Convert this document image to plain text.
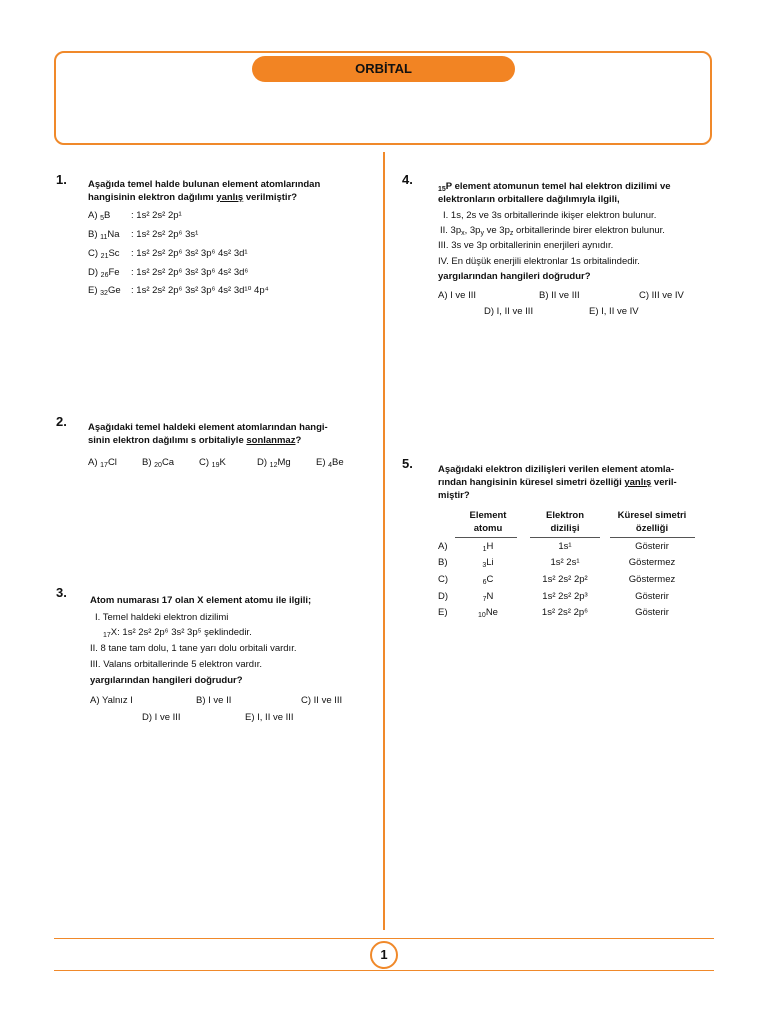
ORBİTAL
1
1. Aşağıda temel halde bulunan element atomlarından
hangisinin elektron dağılımı yanlış verilmiştir?
A) $_5$B : 1s² 2s² 2p¹
B) $_{11}$Na : 1s² 2s² 2p⁶ 3s¹
C) $_{21}$Sc : 1s² 2s² 2p⁶ 3s² 3p⁶ 4s² 3d¹
D) $_{26}$Fe : 1s² 2s² 2p⁶ 3s² 3p⁶ 4s² 3d⁶
E) $_{32}$Ge : 1s² 2s² 2p⁶ 3s² 3p⁶ 4s² 3d¹⁰ 4p⁴
2. Aşağıdaki temel haldeki element atomlarından hangi-
sinin elektron dağılımı s orbitaliyle sonlanmaz?
A) $_{17}$Cl	B) $_{20}$Ca	C) $_{19}$K	D) $_{12}$Mg	E) $_4$Be
3.
Atom numarası 17 olan X element atomu ile ilgili;
I. Temel haldeki elektron dizilimi
$_{17}$X: 1s² 2s² 2p⁶ 3s² 3p⁵ şeklindedir.
II. 8 tane tam dolu, 1 tane yarı dolu orbitali vardır.
III. Valans orbitallerinde 5 elektron vardır.
yargılarından hangileri doğrudur?
A) Yalnız I	B) I ve II	C) II ve III
D) I ve III	E) I, II ve III
4.
$_{15}$P element atomunun temel hal elektron dizilimi ve
elektronların orbitallere dağılımıyla ilgili,
I. 1s, 2s ve 3s orbitallerinde ikişer elektron bulunur.
II. $3p_x$, $3p_y$ ve $3p_z$ orbitallerinde birer elektron bulunur.
III. 3s ve 3p orbitallerinin enerjileri aynıdır.
IV. En düşük enerjili elektronlar 1s orbitalindedir.
yargılarından hangileri doğrudur?
A) I ve III	B) II ve III	C) III ve IV
D) I, II ve III	E) I, II ve IV
5.	Aşağıdaki elektron dizilişleri verilen element atomla-
rından hangisinin küresel simetri özelliği yanlış veril-
miştir?
Element
atomu
Elektron
dizilişi
Küresel simetri
özelliği
A)	$_1$H	1s¹	Gösterir
B)	$_3$Li	1s² 2s¹	Göstermez
C)	$_6$C	1s² 2s² 2p²	Göstermez
D)	$_7$N	1s² 2s² 2p³	Gösterir
E)	$_{10}$Ne	1s² 2s² 2p⁶	Gösterir
